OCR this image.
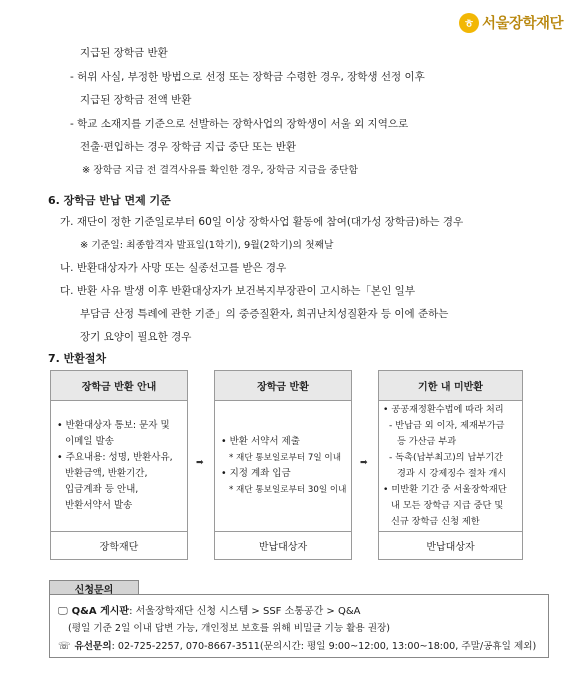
ㅎ 서울장학재단
지급된 장학금 반환
- 허위 사실, 부정한 방법으로 선정 또는 장학금 수령한 경우, 장학생 선정 이후
지급된 장학금 전액 반환
- 학교 소재지를 기준으로 선발하는 장학사업의 장학생이 서울 외 지역으로
전출·편입하는 경우 장학금 지급 중단 또는 반환
※ 장학금 지급 전 결격사유를 확인한 경우, 장학금 지급을 중단함
6. 장학금 반납 면제 기준
가. 재단이 정한 기준일로부터 60일 이상 장학사업 활동에 참여(대가성 장학금)하는 경우
※ 기준일: 최종합격자 발표일(1학기), 9월(2학기)의 첫째날
나. 반환대상자가 사망 또는 실종선고를 받은 경우
다. 반환 사유 발생 이후 반환대상자가 보건복지부장관이 고시하는「본인 일부
부담금 산정 특례에 관한 기준」의 중증질환자, 희귀난치성질환자 등 이에 준하는
장기 요양이 필요한 경우
7. 반환절차
장학금 반환 안내
• 반환대상자 통보: 문자 및
이메일 발송
• 주요내용: 성명, 반환사유,
반환금액, 반환기간,
입금계좌 등 안내,
반환서약서 발송
장학재단
➡
장학금 반환
• 반환 서약서 제출
* 재단 통보일로부터 7일 이내
• 지정 계좌 입금
* 재단 통보일로부터 30일 이내
반납대상자
➡
기한 내 미반환
• 공공재정환수법에 따라 처리
- 반납금 외 이자, 제재부가금
등 가산금 부과
- 독촉(납부최고)의 납부기간
경과 시 강제징수 절차 개시
• 미반환 기간 중 서울장학재단
내 모든 장학금 지급 중단 및
신규 장학금 신청 제한
반납대상자
신청문의
🖵 Q&A 게시판: 서울장학재단 신청 시스템 > SSF 소통공간 > Q&A
(평일 기준 2일 이내 답변 가능, 개인정보 보호를 위해 비밀글 기능 활용 권장)
☏ 유선문의: 02-725-2257, 070-8667-3511(문의시간: 평일 9:00~12:00, 13:00~18:00, 주말/공휴일 제외)
